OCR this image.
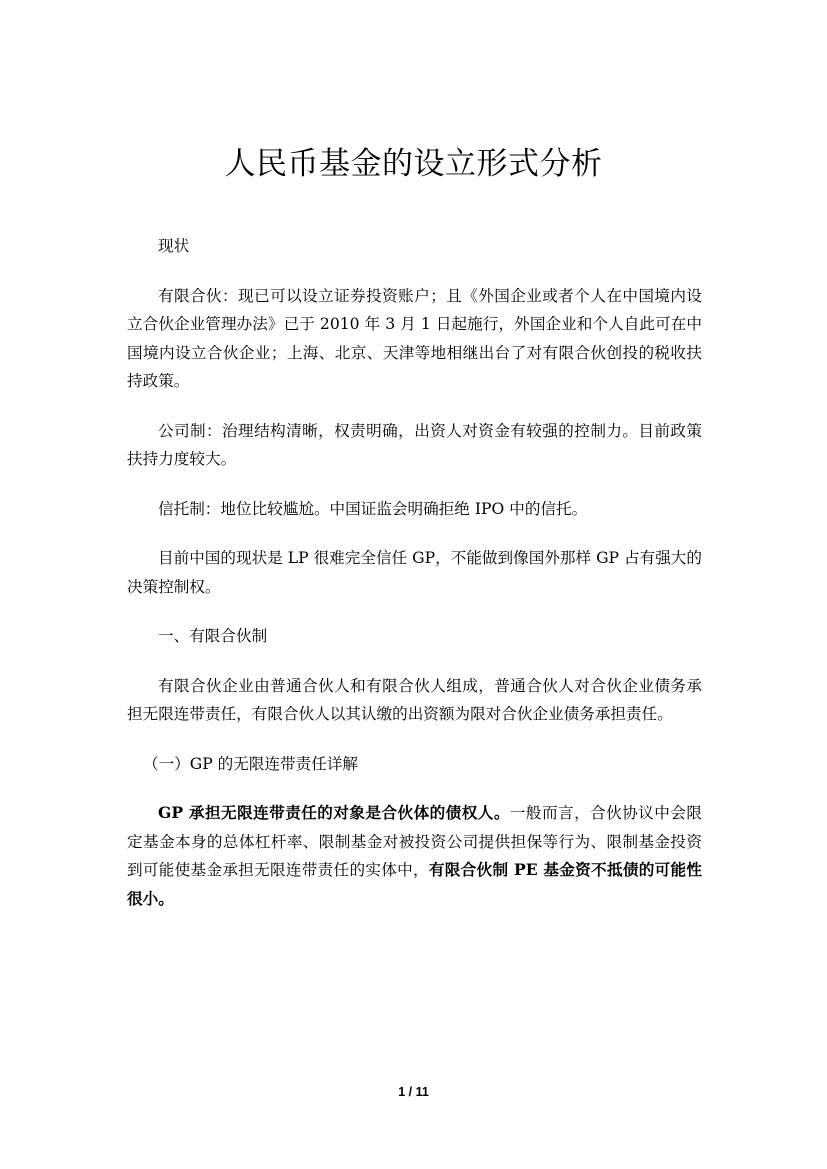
人民币基金的设立形式分析

现状

有限合伙：现已可以设立证券投资账户；且《外国企业或者个人在中国境内设立合伙企业管理办法》已于 2010 年 3 月 1 日起施行，外国企业和个人自此可在中国境内设立合伙企业；上海、北京、天津等地相继出台了对有限合伙创投的税收扶持政策。

公司制：治理结构清晰，权责明确，出资人对资金有较强的控制力。目前政策扶持力度较大。

信托制：地位比较尴尬。中国证监会明确拒绝 IPO 中的信托。

目前中国的现状是 LP 很难完全信任 GP，不能做到像国外那样 GP 占有强大的决策控制权。

一、有限合伙制

有限合伙企业由普通合伙人和有限合伙人组成，普通合伙人对合伙企业债务承担无限连带责任，有限合伙人以其认缴的出资额为限对合伙企业债务承担责任。

（一）GP 的无限连带责任详解

GP 承担无限连带责任的对象是合伙体的债权人。一般而言，合伙协议中会限定基金本身的总体杠杆率、限制基金对被投资公司提供担保等行为、限制基金投资到可能使基金承担无限连带责任的实体中，有限合伙制 PE 基金资不抵债的可能性很小。

1 / 11
